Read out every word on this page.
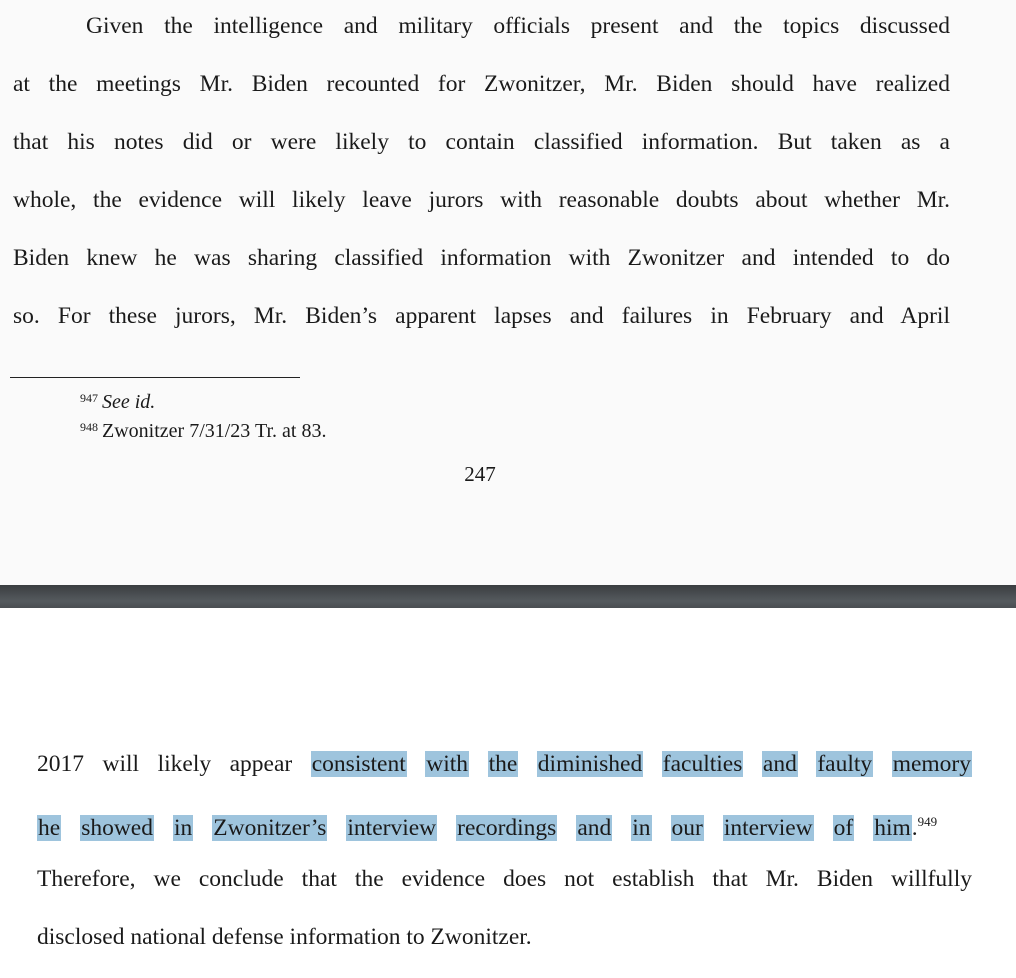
Given the intelligence and military officials present and the topics discussed
at the meetings Mr. Biden recounted for Zwonitzer, Mr. Biden should have realized
that his notes did or were likely to contain classified information. But taken as a
whole, the evidence will likely leave jurors with reasonable doubts about whether Mr.
Biden knew he was sharing classified information with Zwonitzer and intended to do
so. For these jurors, Mr. Biden’s apparent lapses and failures in February and April
$^{947}$ See id.
$^{948}$ Zwonitzer 7/31/23 Tr. at 83.
247
2017 will likely appear consistent with the diminished faculties and faulty memory
he showed in Zwonitzer’s interview recordings and in our interview of him.$^{949}$
Therefore, we conclude that the evidence does not establish that Mr. Biden willfully
disclosed national defense information to Zwonitzer.
